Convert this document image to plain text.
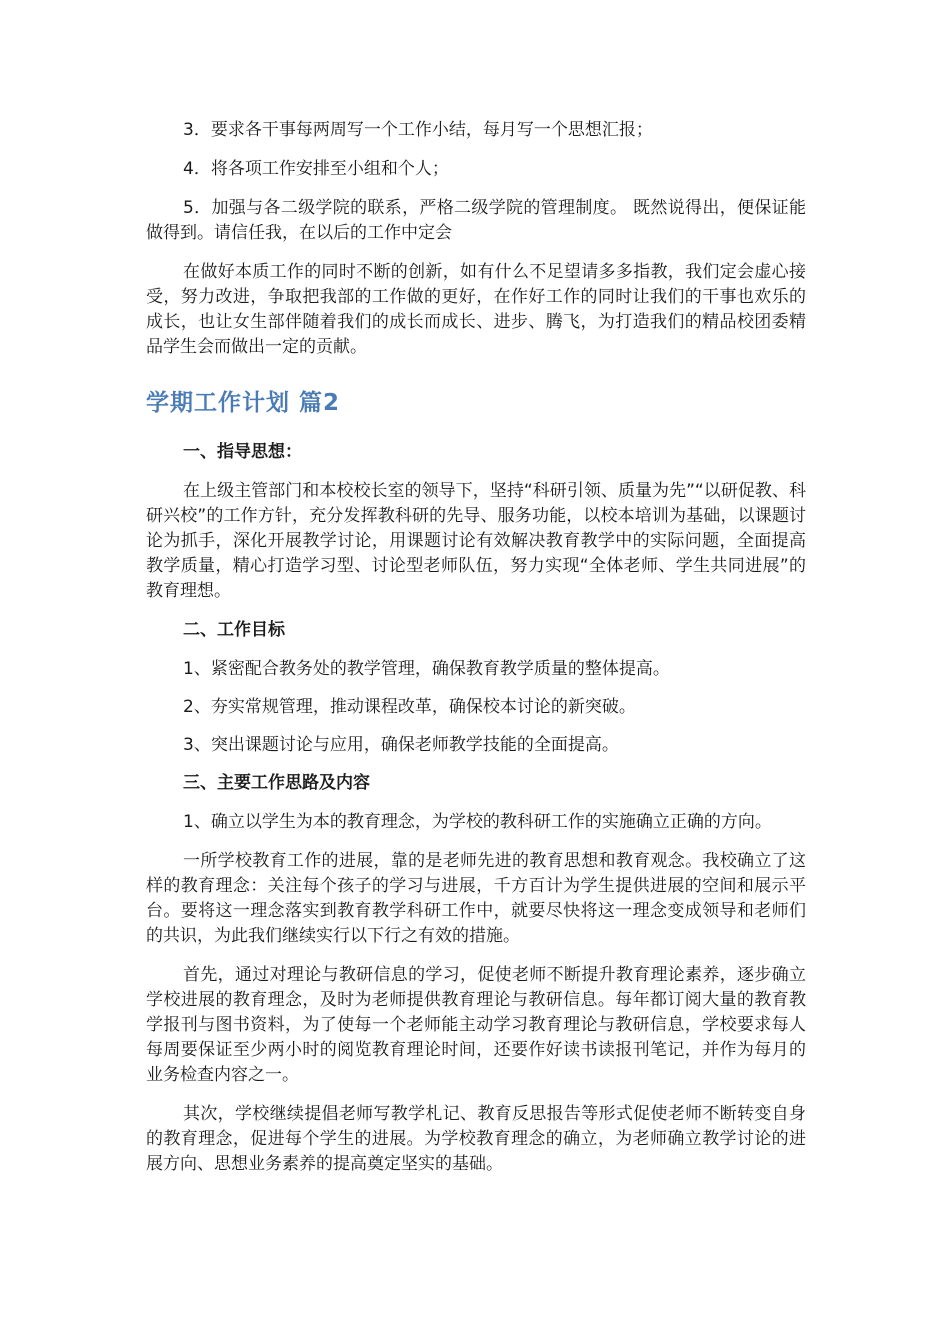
3．要求各干事每两周写一个工作小结，每月写一个思想汇报；

4．将各项工作安排至小组和个人；

5．加强与各二级学院的联系，严格二级学院的管理制度。 既然说得出，便保证能做得到。请信任我，在以后的工作中定会

在做好本质工作的同时不断的创新，如有什么不足望请多多指教，我们定会虚心接受，努力改进，争取把我部的工作做的更好，在作好工作的同时让我们的干事也欢乐的成长，也让女生部伴随着我们的成长而成长、进步、腾飞，为打造我们的精品校团委精品学生会而做出一定的贡献。

学期工作计划 篇2

一、指导思想：

在上级主管部门和本校校长室的领导下，坚持“科研引领、质量为先”“以研促教、科研兴校”的工作方针，充分发挥教科研的先导、服务功能，以校本培训为基础，以课题讨论为抓手，深化开展教学讨论，用课题讨论有效解决教育教学中的实际问题，全面提高教学质量，精心打造学习型、讨论型老师队伍，努力实现“全体老师、学生共同进展”的教育理想。

二、工作目标

1、紧密配合教务处的教学管理，确保教育教学质量的整体提高。

2、夯实常规管理，推动课程改革，确保校本讨论的新突破。

3、突出课题讨论与应用，确保老师教学技能的全面提高。

三、主要工作思路及内容

1、确立以学生为本的教育理念，为学校的教科研工作的实施确立正确的方向。

一所学校教育工作的进展，靠的是老师先进的教育思想和教育观念。我校确立了这样的教育理念：关注每个孩子的学习与进展，千方百计为学生提供进展的空间和展示平台。要将这一理念落实到教育教学科研工作中，就要尽快将这一理念变成领导和老师们的共识，为此我们继续实行以下行之有效的措施。

首先，通过对理论与教研信息的学习，促使老师不断提升教育理论素养，逐步确立学校进展的教育理念，及时为老师提供教育理论与教研信息。每年都订阅大量的教育教学报刊与图书资料，为了使每一个老师能主动学习教育理论与教研信息，学校要求每人每周要保证至少两小时的阅览教育理论时间，还要作好读书读报刊笔记，并作为每月的业务检查内容之一。

其次，学校继续提倡老师写教学札记、教育反思报告等形式促使老师不断转变自身的教育理念，促进每个学生的进展。为学校教育理念的确立，为老师确立教学讨论的进展方向、思想业务素养的提高奠定坚实的基础。
